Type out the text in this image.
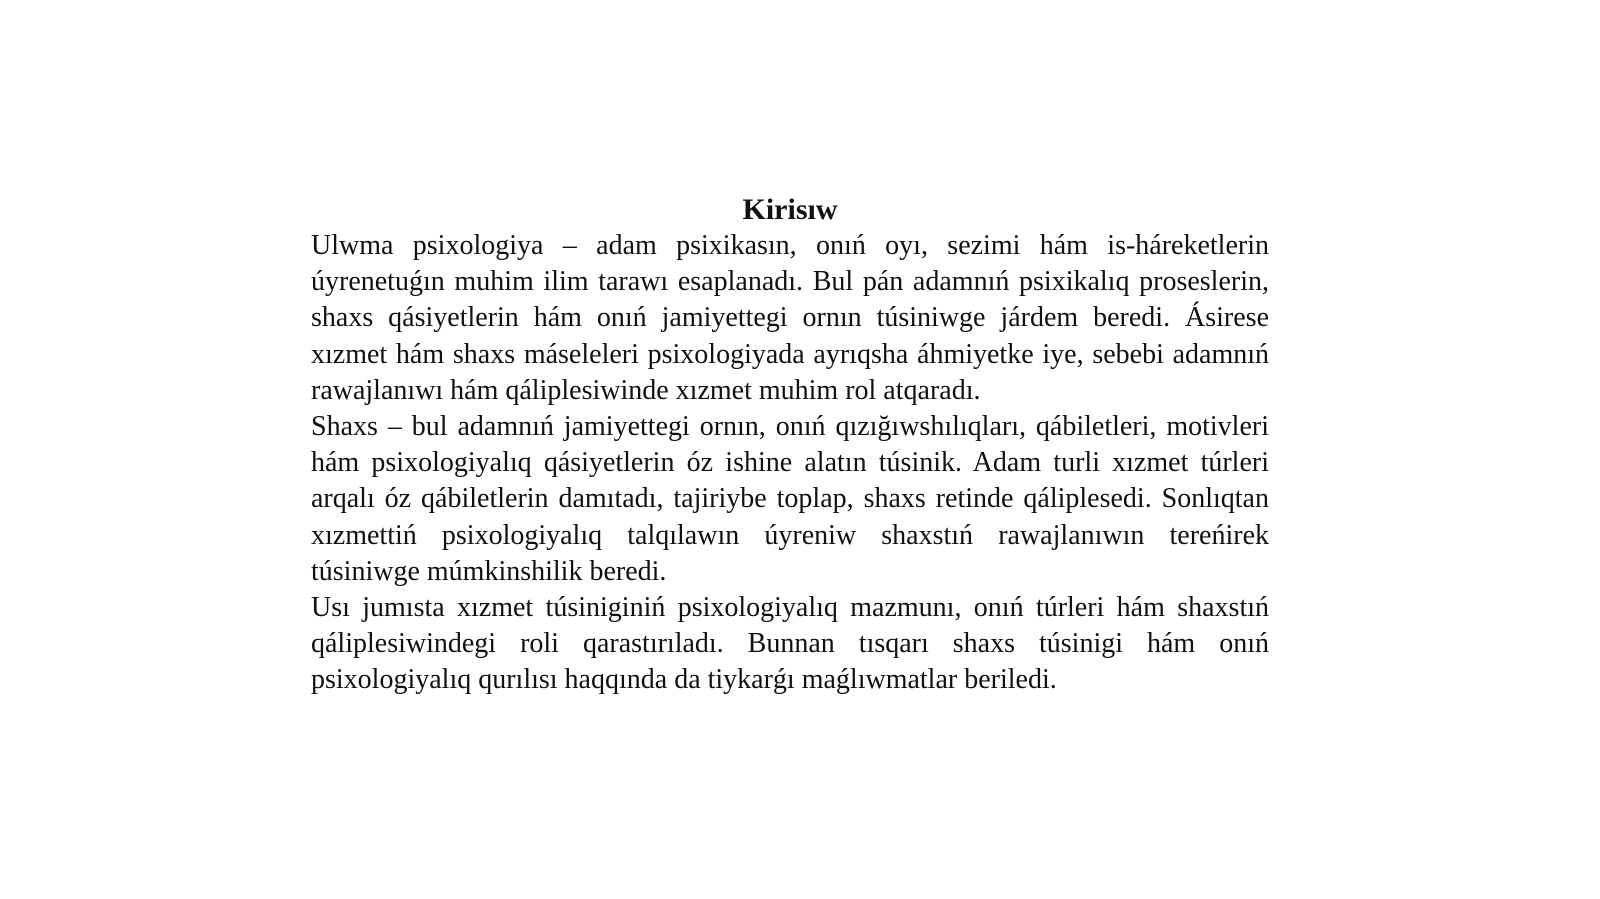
Kirisıw

Ulwma psixologiya – adam psixikasın, onıń oyı, sezimi hám is-háreketlerin úyrenetuǵın muhim ilim tarawı esaplanadı. Bul pán adamnıń psixikalıq proseslerin, shaxs qásiyetlerin hám onıń jamiyettegi ornın túsiniwge járdem beredi. Ásirese xızmet hám shaxs máseleleri psixologiyada ayrıqsha áhmiyetke iye, sebebi adamnıń rawajlanıwı hám qáliplesiwinde xızmet muhim rol atqaradı.

Shaxs – bul adamnıń jamiyettegi ornın, onıń qızığıwshılıqları, qábiletleri, motivleri hám psixologiyalıq qásiyetlerin óz ishine alatın túsinik. Adam turli xızmet túrleri arqalı óz qábiletlerin damıtadı, tajiriybe toplap, shaxs retinde qáliplesedi. Sonlıqtan xızmettiń psixologiyalıq talqılawın úyreniw shaxstıń rawajlanıwın tereńirek túsiniwge múmkinshilik beredi.

Usı jumısta xızmet túsiniginiń psixologiyalıq mazmunı, onıń túrleri hám shaxstıń qáliplesiwindegi roli qarastırıladı. Bunnan tısqarı shaxs túsinigi hám onıń psixologiyalıq qurılısı haqqında da tiykarǵı maǵlıwmatlar beriledi.
